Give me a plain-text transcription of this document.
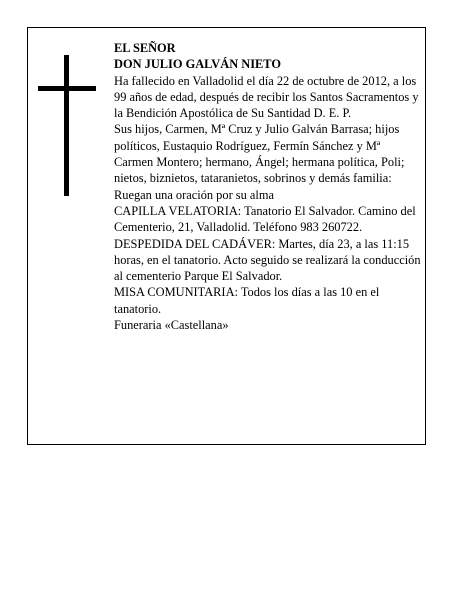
EL SEÑOR

DON JULIO GALVÁN NIETO

Ha fallecido en Valladolid el día 22 de octubre de 2012, a los 99 años de edad, después de recibir los Santos Sacramentos y la Bendición Apostólica de Su Santidad D. E. P.

Sus hijos, Carmen, Mª Cruz y Julio Galván Barrasa; hijos políticos, Eustaquio Rodríguez, Fermín Sánchez y Mª Carmen Montero; hermano, Ángel; hermana política, Poli; nietos, biznietos, tataranietos, sobrinos y demás familia:

Ruegan una oración por su alma

CAPILLA VELATORIA: Tanatorio El Salvador. Camino del Cementerio, 21, Valladolid. Teléfono 983 260722.

DESPEDIDA DEL CADÁVER: Martes, día 23, a las 11:15 horas, en el tanatorio. Acto seguido se realizará la conducción al cementerio Parque El Salvador.

MISA COMUNITARIA: Todos los días a las 10 en el tanatorio.

Funeraria «Castellana»
